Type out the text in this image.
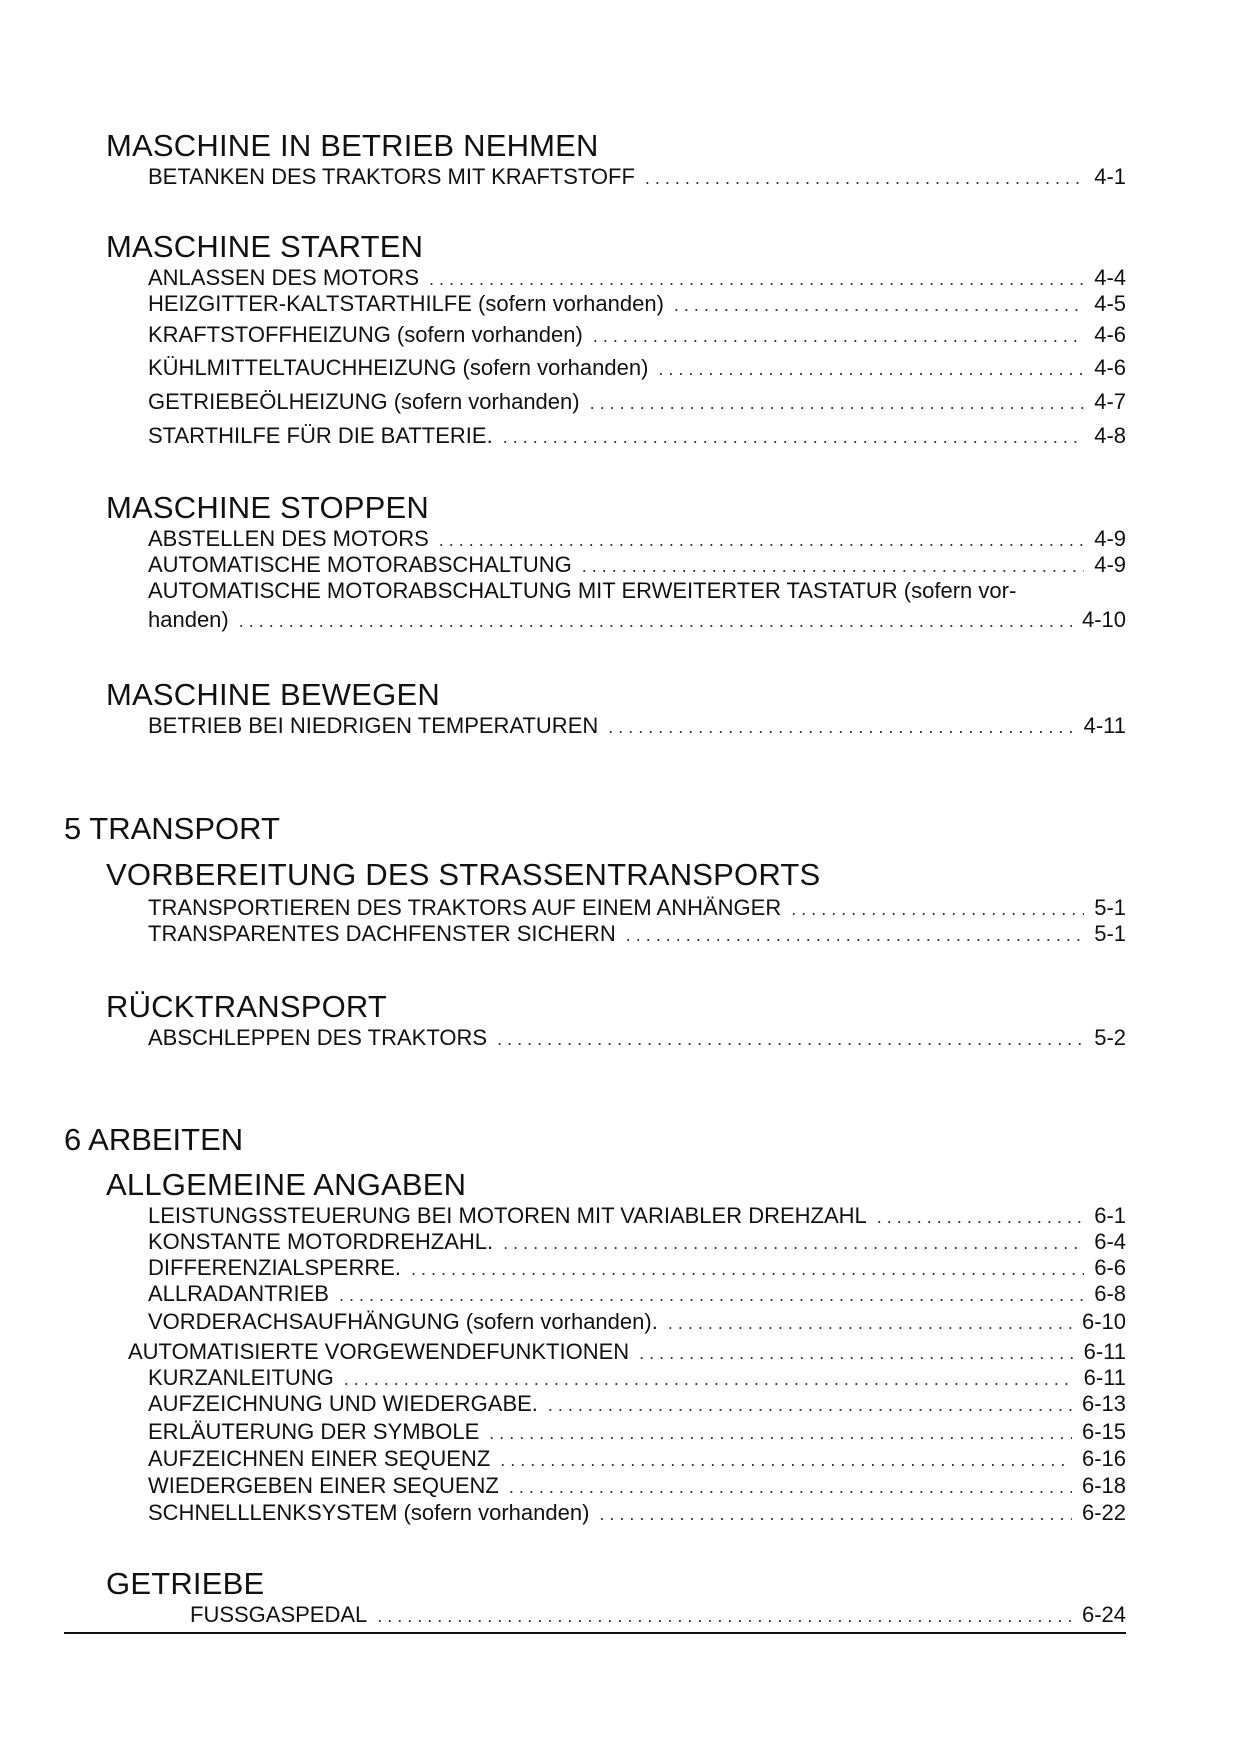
MASCHINE IN BETRIEB NEHMEN
BETANKEN DES TRAKTORS MIT KRAFTSTOFF . . .	4-1
MASCHINE STARTEN
ANLASSEN DES MOTORS . . .	4-4
HEIZGITTER-KALTSTARTHILFE (sofern vorhanden) . . .	4-5
KRAFTSTOFFHEIZUNG (sofern vorhanden) . . .	4-6
KÜHLMITTELTAUCHHEIZUNG (sofern vorhanden) . . .	4-6
GETRIEBEÖLHEIZUNG (sofern vorhanden) . . .	4-7
STARTHILFE FÜR DIE BATTERIE. . . .	4-8
MASCHINE STOPPEN
ABSTELLEN DES MOTORS . . .	4-9
AUTOMATISCHE MOTORABSCHALTUNG . . .	4-9
AUTOMATISCHE MOTORABSCHALTUNG MIT ERWEITERTER TASTATUR (sofern vor-
handen) . . .	4-10
MASCHINE BEWEGEN
BETRIEB BEI NIEDRIGEN TEMPERATUREN . . .	4-11
5 TRANSPORT
VORBEREITUNG DES STRASSENTRANSPORTS
TRANSPORTIEREN DES TRAKTORS AUF EINEM ANHÄNGER . . .	5-1
TRANSPARENTES DACHFENSTER SICHERN . . .	5-1
RÜCKTRANSPORT
ABSCHLEPPEN DES TRAKTORS . . .	5-2
6 ARBEITEN
ALLGEMEINE ANGABEN
LEISTUNGSSTEUERUNG BEI MOTOREN MIT VARIABLER DREHZAHL . . .	6-1
KONSTANTE MOTORDREHZAHL. . . .	6-4
DIFFERENZIALSPERRE. . . .	6-6
ALLRADANTRIEB . . .	6-8
VORDERACHSAUFHÄNGUNG (sofern vorhanden). . . .	6-10
AUTOMATISIERTE VORGEWENDEFUNKTIONEN . . .	6-11
KURZANLEITUNG . . .	6-11
AUFZEICHNUNG UND WIEDERGABE. . . .	6-13
ERLÄUTERUNG DER SYMBOLE . . .	6-15
AUFZEICHNEN EINER SEQUENZ . . .	6-16
WIEDERGEBEN EINER SEQUENZ . . .	6-18
SCHNELLLENKSYSTEM (sofern vorhanden) . . .	6-22
GETRIEBE
FUSSGASPEDAL . . .	6-24
